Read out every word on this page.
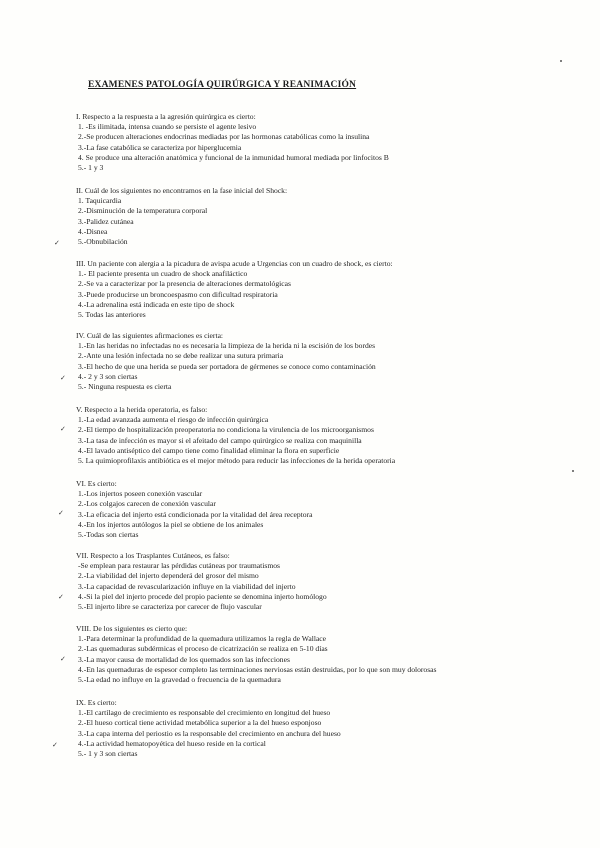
EXAMENES PATOLOGÍA QUIRÚRGICA Y REANIMACIÓN
I. Respecto a la respuesta a la agresión quirúrgica es cierto:
1. -Es ilimitada, intensa cuando se persiste el agente lesivo
2.-Se producen alteraciones endocrinas mediadas por las hormonas catabólicas como la insulina
3.-La fase catabólica se caracteriza por hiperglucemia
4. Se produce una alteración anatómica y funcional de la inmunidad humoral mediada por linfocitos B
5.- 1 y 3
II. Cuál de los siguientes no encontramos en la fase inicial del Shock:
1. Taquicardia
2.-Disminución de la temperatura corporal
3.-Palidez cutánea
4.-Disnea
5.-Obnubilación
III. Un paciente con alergia a la picadura de avispa acude a Urgencias con un cuadro de shock, es cierto:
1.- El paciente presenta un cuadro de shock anafiláctico
2.-Se va a caracterizar por la presencia de alteraciones dermatológicas
3.-Puede producirse un broncoespasmo con dificultad respiratoria
4.-La adrenalina está indicada en este tipo de shock
5. Todas las anteriores
IV. Cuál de las siguientes afirmaciones es cierta:
1.-En las heridas no infectadas no es necesaria la limpieza de la herida ni la escisión de los bordes
2.-Ante una lesión infectada no se debe realizar una sutura primaria
3.-El hecho de que una herida se pueda ser portadora de gérmenes se conoce como contaminación
4.- 2 y 3 son ciertas
5.- Ninguna respuesta es cierta
V. Respecto a la herida operatoria, es falso:
1.-La edad avanzada aumenta el riesgo de infección quirúrgica
2.-El tiempo de hospitalización preoperatoria no condiciona la virulencia de los microorganismos
3.-La tasa de infección es mayor si el afeitado del campo quirúrgico se realiza con maquinilla
4.-El lavado antiséptico del campo tiene como finalidad eliminar la flora en superficie
5. La quimioprofilaxis antibiótica es el mejor método para reducir las infecciones de la herida operatoria
VI. Es cierto:
1.-Los injertos poseen conexión vascular
2.-Los colgajos carecen de conexión vascular
3.-La eficacia del injerto está condicionada por la vitalidad del área receptora
4.-En los injertos autólogos la piel se obtiene de los animales
5.-Todas son ciertas
VII. Respecto a los Trasplantes Cutáneos, es falso:
-Se emplean para restaurar las pérdidas cutáneas por traumatismos
2.-La viabilidad del injerto dependerá del grosor del mismo
3.-La capacidad de revascularización influye en la viabilidad del injerto
4.-Si la piel del injerto procede del propio paciente se denomina injerto homólogo
5.-El injerto libre se caracteriza por carecer de flujo vascular
VIII. De los siguientes es cierto que:
1.-Para determinar la profundidad de la quemadura utilizamos la regla de Wallace
2.-Las quemaduras subdérmicas el proceso de cicatrización se realiza en 5-10 días
3.-La mayor causa de mortalidad de los quemados son las infecciones
4.-En las quemaduras de espesor completo las terminaciones nerviosas están destruidas, por lo que son muy dolorosas
5.-La edad no influye en la gravedad o frecuencia de la quemadura
IX. Es cierto:
1.-El cartílago de crecimiento es responsable del crecimiento en longitud del hueso
2.-El hueso cortical tiene actividad metabólica superior a la del hueso esponjoso
3.-La capa interna del periostio es la responsable del crecimiento en anchura del hueso
4.-La actividad hematopoyética del hueso reside en la cortical
5.- 1 y 3 son ciertas
✓
✓
✓
✓
✓
✓
✓
